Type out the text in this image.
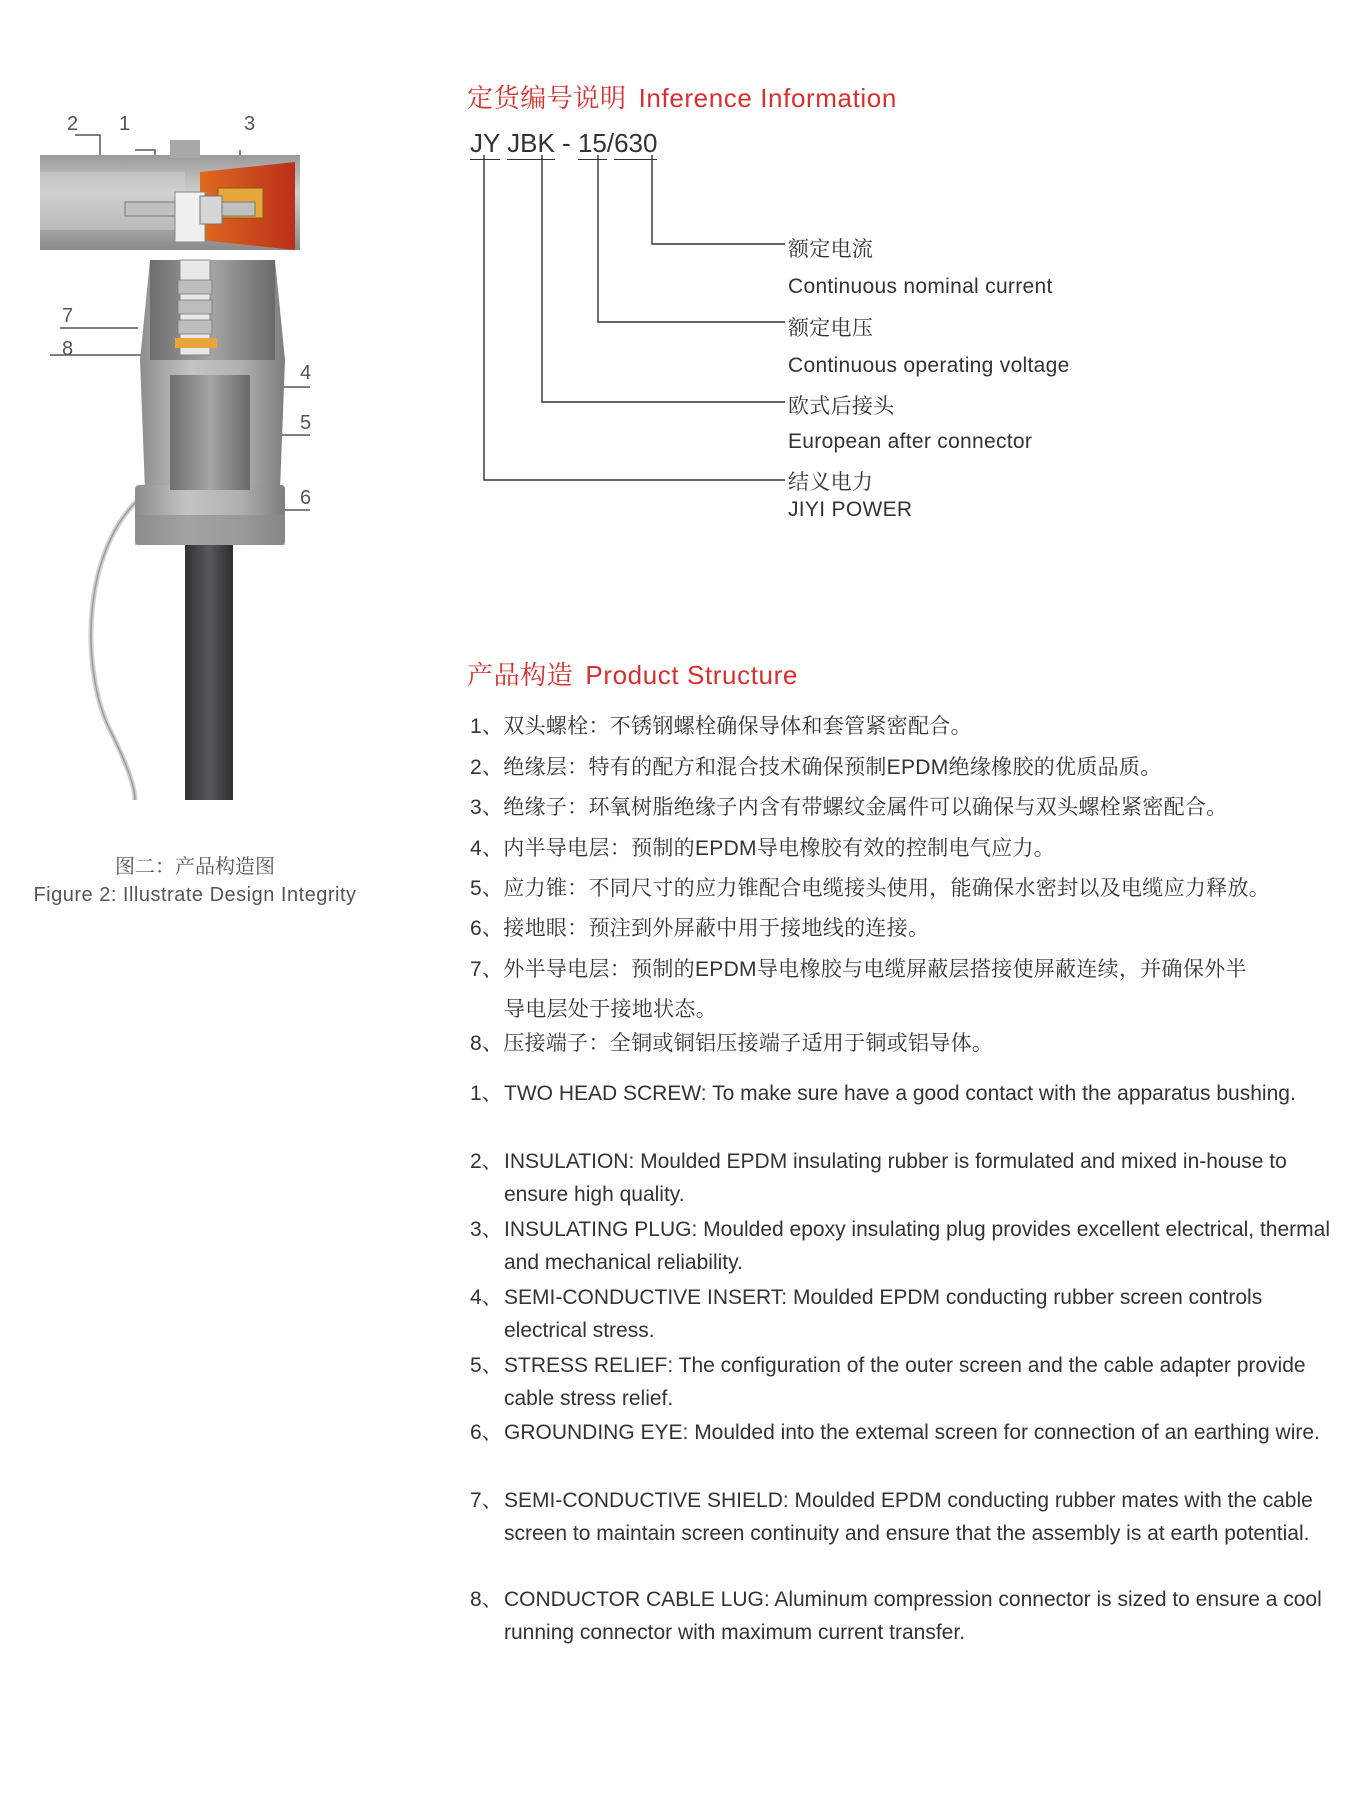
2 1	3
7
8
4
5
6
图二：产品构造图
Figure 2: Illustrate Design Integrity
定货编号说明 Inference Information
JY JBK - 15/630
额定电流
Continuous nominal current
额定电压
Continuous operating voltage
欧式后接头
European after connector
结义电力
JIYI POWER
产品构造 Product Structure
1、双头螺栓：不锈钢螺栓确保导体和套管紧密配合。
2、绝缘层：特有的配方和混合技术确保预制EPDM绝缘橡胶的优质品质。
3、绝缘子：环氧树脂绝缘子内含有带螺纹金属件可以确保与双头螺栓紧密配合。
4、内半导电层：预制的EPDM导电橡胶有效的控制电气应力。
5、应力锥：不同尺寸的应力锥配合电缆接头使用，能确保水密封以及电缆应力释放。
6、接地眼：预注到外屏蔽中用于接地线的连接。
7、外半导电层：预制的EPDM导电橡胶与电缆屏蔽层搭接使屏蔽连续，并确保外半
导电层处于接地状态。
8、压接端子：全铜或铜铝压接端子适用于铜或铝导体。
1、 TWO HEAD SCREW: To make sure have a good contact with the apparatus bushing.
2、 INSULATION: Moulded EPDM insulating rubber is formulated and mixed in-house to ensure high quality.
3、 INSULATING PLUG: Moulded epoxy insulating plug provides excellent electrical, thermal and mechanical reliability.
4、 SEMI-CONDUCTIVE INSERT: Moulded EPDM conducting rubber screen controls electrical stress.
5、 STRESS RELIEF: The configuration of the outer screen and the cable adapter provide cable stress relief.
6、 GROUNDING EYE: Moulded into the extemal screen for connection of an earthing wire.
7、 SEMI-CONDUCTIVE SHIELD: Moulded EPDM conducting rubber mates with the cable screen to maintain screen continuity and ensure that the assembly is at earth potential.
8、 CONDUCTOR CABLE LUG: Aluminum compression connector is sized to ensure a cool running connector with maximum current transfer.
